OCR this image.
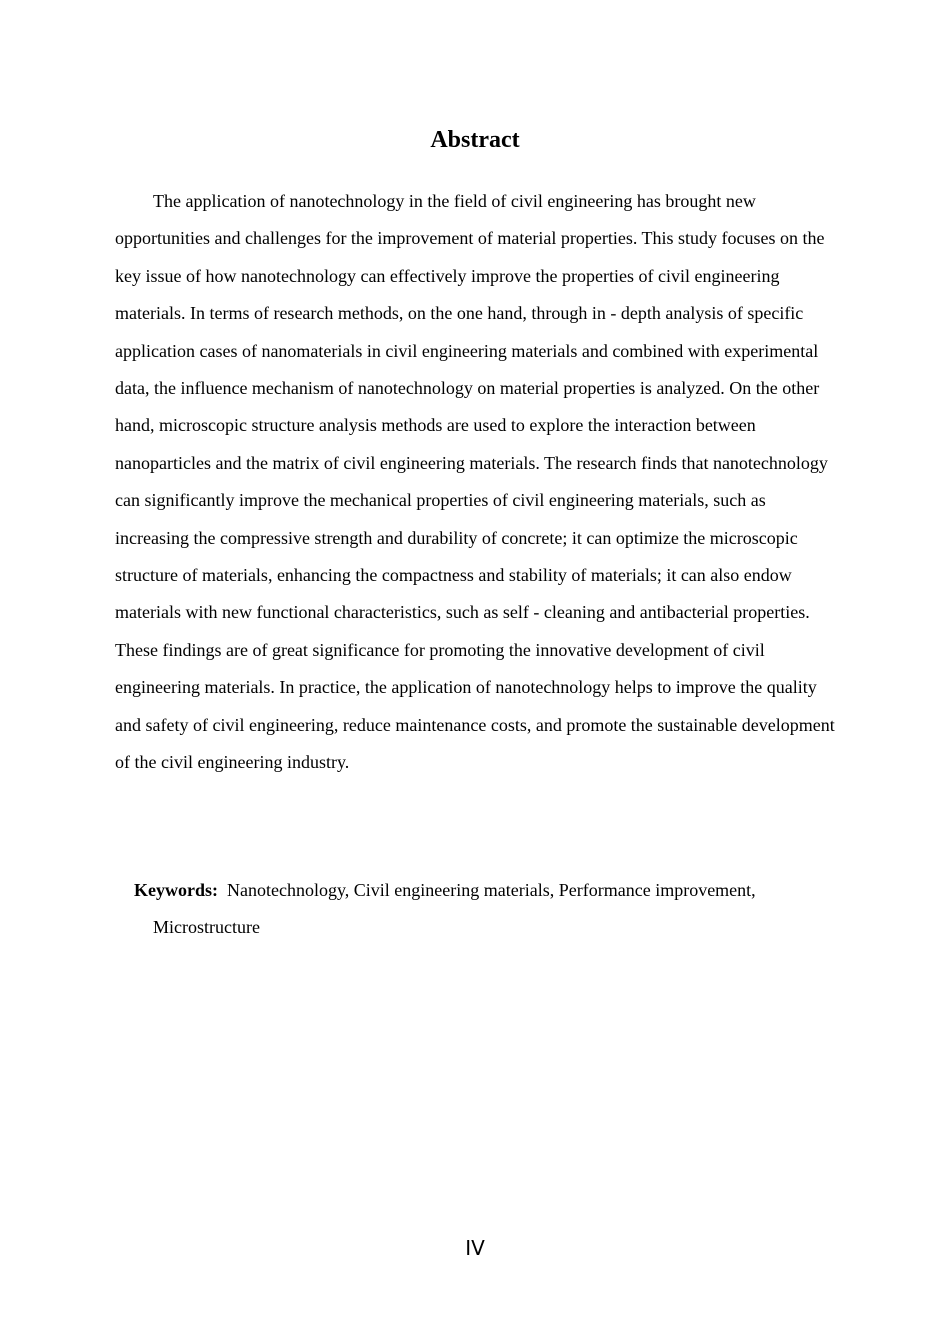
Abstract

The application of nanotechnology in the field of civil engineering has brought new opportunities and challenges for the improvement of material properties. This study focuses on the key issue of how nanotechnology can effectively improve the properties of civil engineering materials. In terms of research methods, on the one hand, through in - depth analysis of specific application cases of nanomaterials in civil engineering materials and combined with experimental data, the influence mechanism of nanotechnology on material properties is analyzed. On the other hand, microscopic structure analysis methods are used to explore the interaction between nanoparticles and the matrix of civil engineering materials. The research finds that nanotechnology can significantly improve the mechanical properties of civil engineering materials, such as increasing the compressive strength and durability of concrete; it can optimize the microscopic structure of materials, enhancing the compactness and stability of materials; it can also endow materials with new functional characteristics, such as self - cleaning and antibacterial properties. These findings are of great significance for promoting the innovative development of civil engineering materials. In practice, the application of nanotechnology helps to improve the quality and safety of civil engineering, reduce maintenance costs, and promote the sustainable development of the civil engineering industry.

Keywords: Nanotechnology, Civil engineering materials, Performance improvement,

Microstructure

IV
